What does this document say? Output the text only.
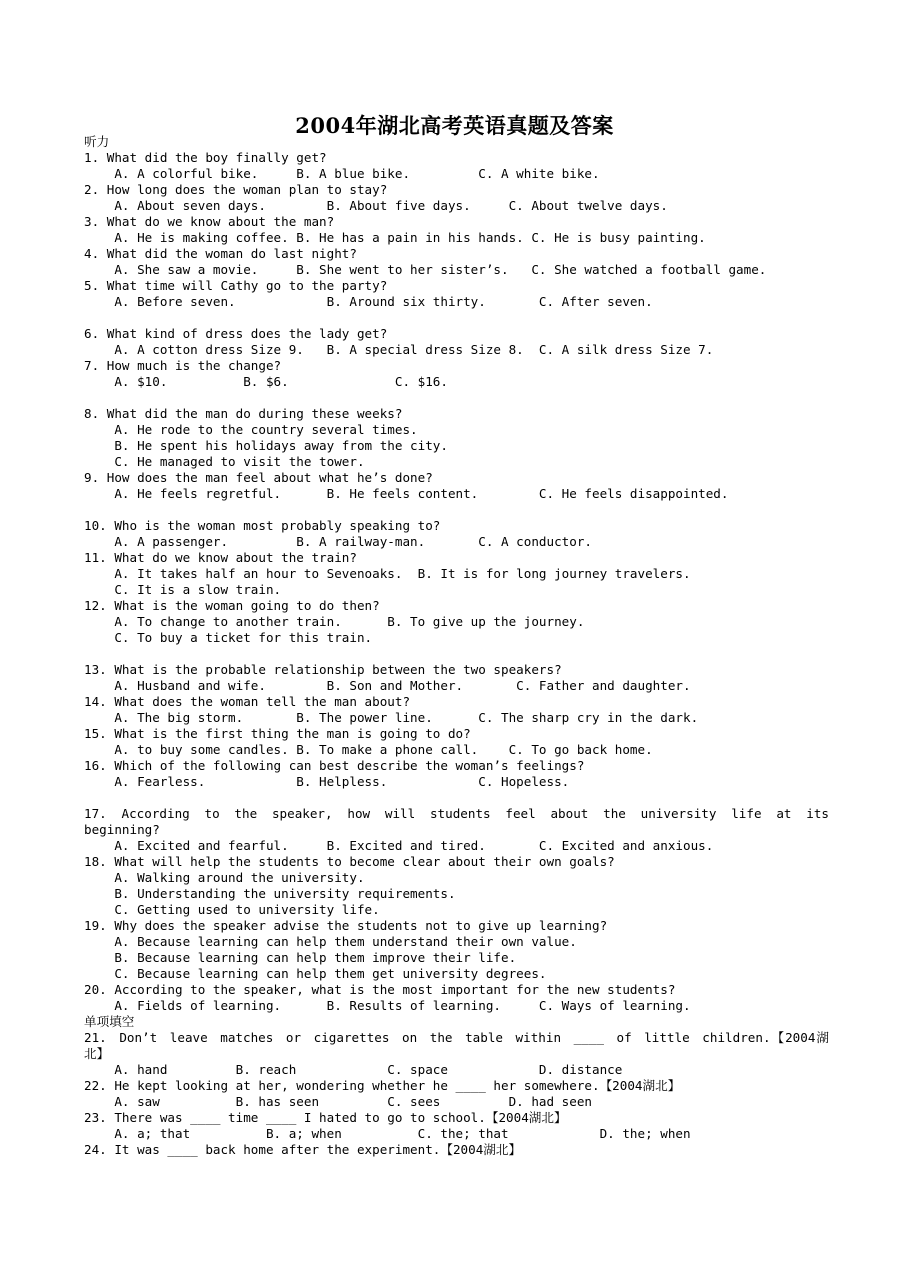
2004年湖北高考英语真题及答案
听力
1. What did the boy finally get?
A. A colorful bike.     B. A blue bike.         C. A white bike.
2. How long does the woman plan to stay?
A. About seven days.        B. About five days.     C. About twelve days.
3. What do we know about the man?
A. He is making coffee. B. He has a pain in his hands. C. He is busy painting.
4. What did the woman do last night?
A. She saw a movie.     B. She went to her sister’s.   C. She watched a football game.
5. What time will Cathy go to the party?
A. Before seven.            B. Around six thirty.       C. After seven.
6. What kind of dress does the lady get?
A. A cotton dress Size 9.   B. A special dress Size 8.  C. A silk dress Size 7.
7. How much is the change?
A. $10.          B. $6.              C. $16.
8. What did the man do during these weeks?
A. He rode to the country several times.
B. He spent his holidays away from the city.
C. He managed to visit the tower.
9. How does the man feel about what he’s done?
A. He feels regretful.      B. He feels content.        C. He feels disappointed.
10. Who is the woman most probably speaking to?
A. A passenger.         B. A railway-man.       C. A conductor.
11. What do we know about the train?
A. It takes half an hour to Sevenoaks.  B. It is for long journey travelers.
C. It is a slow train.
12. What is the woman going to do then?
A. To change to another train.      B. To give up the journey.
C. To buy a ticket for this train.
13. What is the probable relationship between the two speakers?
A. Husband and wife.        B. Son and Mother.       C. Father and daughter.
14. What does the woman tell the man about?
A. The big storm.       B. The power line.      C. The sharp cry in the dark.
15. What is the first thing the man is going to do?
A. to buy some candles. B. To make a phone call.    C. To go back home.
16. Which of the following can best describe the woman’s feelings?
A. Fearless.            B. Helpless.            C. Hopeless.
17. According to the speaker, how will students feel about the university life at its beginning?
A. Excited and fearful.     B. Excited and tired.       C. Excited and anxious.
18. What will help the students to become clear about their own goals?
A. Walking around the university.
B. Understanding the university requirements.
C. Getting used to university life.
19. Why does the speaker advise the students not to give up learning?
A. Because learning can help them understand their own value.
B. Because learning can help them improve their life.
C. Because learning can help them get university degrees.
20. According to the speaker, what is the most important for the new students?
A. Fields of learning.      B. Results of learning.     C. Ways of learning.
单项填空
21. Don’t leave matches or cigarettes on the table within ____ of little children.【2004湖北】
A. hand         B. reach            C. space            D. distance
22. He kept looking at her, wondering whether he ____ her somewhere.【2004湖北】
A. saw          B. has seen         C. sees         D. had seen
23. There was ____ time ____ I hated to go to school.【2004湖北】
A. a; that          B. a; when          C. the; that            D. the; when
24. It was ____ back home after the experiment.【2004湖北】
